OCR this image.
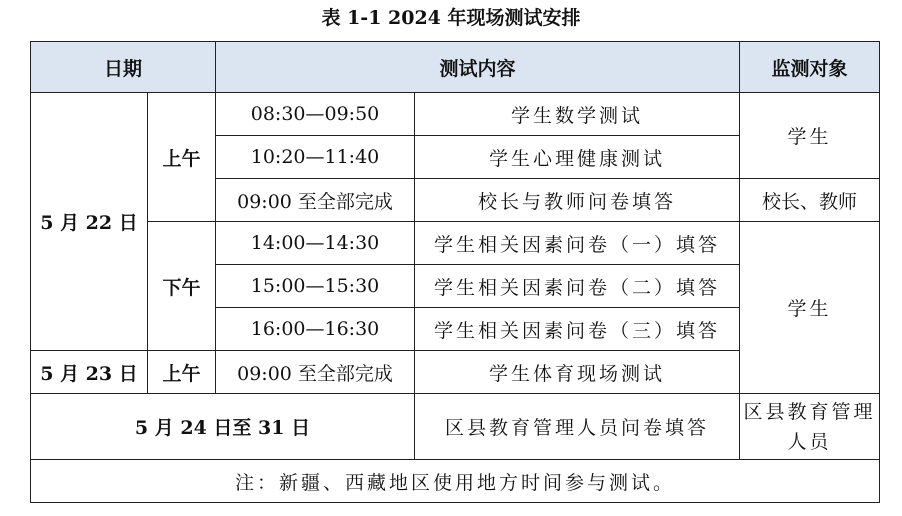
表 1-1 2024 年现场测试安排
日期		测试内容		监测对象
5 月 22 日	上午	08:30—09:50	学生数学测试	学生
		10:20—11:40	学生心理健康测试	
		09:00 至全部完成	校长与教师问卷填答	校长、教师
	下午	14:00—14:30	学生相关因素问卷（一）填答	学生
		15:00—15:30	学生相关因素问卷（二）填答	
		16:00—16:30	学生相关因素问卷（三）填答	
5 月 23 日	上午	09:00 至全部完成	学生体育现场测试	
5 月 24 日至 31 日			区县教育管理人员问卷填答	区县教育管理人员
注：新疆、西藏地区使用地方时间参与测试。				
